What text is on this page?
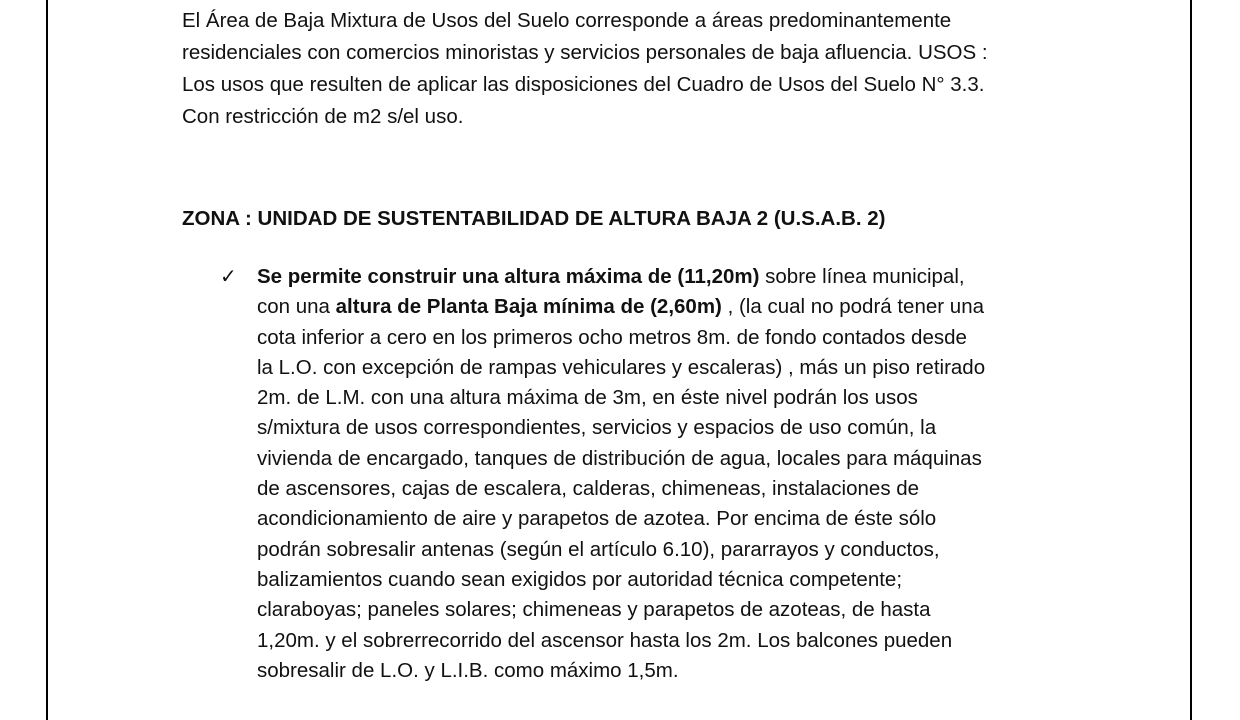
El Área de Baja Mixtura de Usos del Suelo corresponde a áreas predominantemente
residenciales con comercios minoristas y servicios personales de baja afluencia. USOS :
Los usos que resulten de aplicar las disposiciones del Cuadro de Usos del Suelo N° 3.3.
Con restricción de m2 s/el uso.
ZONA : UNIDAD DE SUSTENTABILIDAD DE ALTURA BAJA 2 (U.S.A.B. 2)
✓ Se permite construir una altura máxima de (11,20m) sobre línea municipal,
con una altura de Planta Baja mínima de (2,60m) , (la cual no podrá tener una
cota inferior a cero en los primeros ocho metros 8m. de fondo contados desde
la L.O. con excepción de rampas vehiculares y escaleras) , más un piso retirado
2m. de L.M. con una altura máxima de 3m, en éste nivel podrán los usos
s/mixtura de usos correspondientes, servicios y espacios de uso común, la
vivienda de encargado, tanques de distribución de agua, locales para máquinas
de ascensores, cajas de escalera, calderas, chimeneas, instalaciones de
acondicionamiento de aire y parapetos de azotea. Por encima de éste sólo
podrán sobresalir antenas (según el artículo 6.10), pararrayos y conductos,
balizamientos cuando sean exigidos por autoridad técnica competente;
claraboyas; paneles solares; chimeneas y parapetos de azoteas, de hasta
1,20m. y el sobrerrecorrido del ascensor hasta los 2m. Los balcones pueden
sobresalir de L.O. y L.I.B. como máximo 1,5m.
